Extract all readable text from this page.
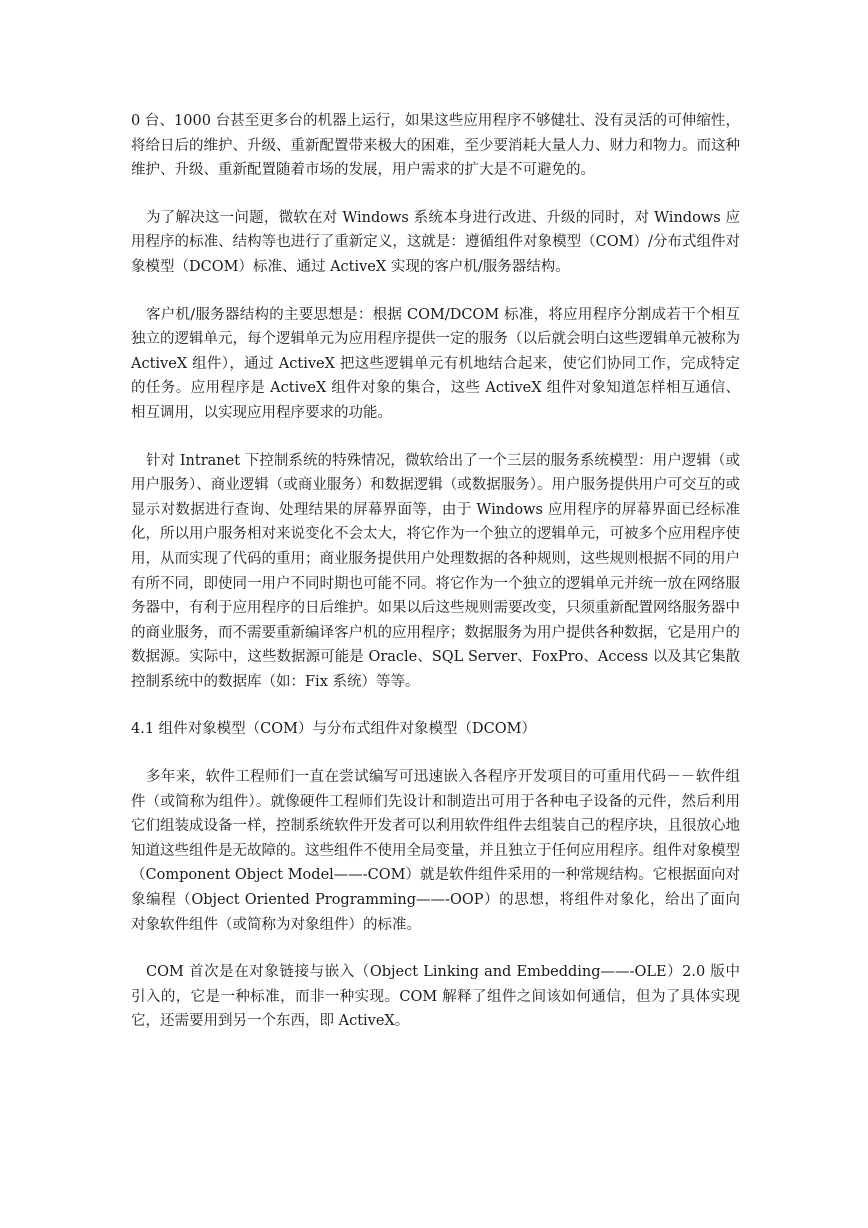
0 台、1000 台甚至更多台的机器上运行，如果这些应用程序不够健壮、没有灵活的可伸缩性，将给日后的维护、升级、重新配置带来极大的困难，至少要消耗大量人力、财力和物力。而这种维护、升级、重新配置随着市场的发展，用户需求的扩大是不可避免的。

为了解决这一问题，微软在对 Windows 系统本身进行改进、升级的同时，对 Windows 应用程序的标准、结构等也进行了重新定义，这就是：遵循组件对象模型（COM）/分布式组件对象模型（DCOM）标准、通过 ActiveX 实现的客户机/服务器结构。

客户机/服务器结构的主要思想是：根据 COM/DCOM 标准，将应用程序分割成若干个相互独立的逻辑单元，每个逻辑单元为应用程序提供一定的服务（以后就会明白这些逻辑单元被称为 ActiveX 组件），通过 ActiveX 把这些逻辑单元有机地结合起来，使它们协同工作，完成特定的任务。应用程序是 ActiveX 组件对象的集合，这些 ActiveX 组件对象知道怎样相互通信、相互调用，以实现应用程序要求的功能。

针对 Intranet 下控制系统的特殊情况，微软给出了一个三层的服务系统模型：用户逻辑（或用户服务）、商业逻辑（或商业服务）和数据逻辑（或数据服务）。用户服务提供用户可交互的或显示对数据进行查询、处理结果的屏幕界面等，由于 Windows 应用程序的屏幕界面已经标准化，所以用户服务相对来说变化不会太大，将它作为一个独立的逻辑单元，可被多个应用程序使用，从而实现了代码的重用；商业服务提供用户处理数据的各种规则，这些规则根据不同的用户有所不同，即使同一用户不同时期也可能不同。将它作为一个独立的逻辑单元并统一放在网络服务器中，有利于应用程序的日后维护。如果以后这些规则需要改变，只须重新配置网络服务器中的商业服务，而不需要重新编译客户机的应用程序；数据服务为用户提供各种数据，它是用户的数据源。实际中，这些数据源可能是 Oracle、SQL Server、FoxPro、Access 以及其它集散控制系统中的数据库（如：Fix 系统）等等。

4.1 组件对象模型（COM）与分布式组件对象模型（DCOM）

多年来，软件工程师们一直在尝试编写可迅速嵌入各程序开发项目的可重用代码－－软件组件（或简称为组件）。就像硬件工程师们先设计和制造出可用于各种电子设备的元件，然后利用它们组装成设备一样，控制系统软件开发者可以利用软件组件去组装自己的程序块，且很放心地知道这些组件是无故障的。这些组件不使用全局变量，并且独立于任何应用程序。组件对象模型（Component Object Model——-COM）就是软件组件采用的一种常规结构。它根据面向对象编程（Object Oriented Programming——-OOP）的思想，将组件对象化，给出了面向对象软件组件（或简称为对象组件）的标准。

COM 首次是在对象链接与嵌入（Object Linking and Embedding——-OLE）2.0 版中引入的，它是一种标准，而非一种实现。COM 解释了组件之间该如何通信，但为了具体实现它，还需要用到另一个东西，即 ActiveX。
